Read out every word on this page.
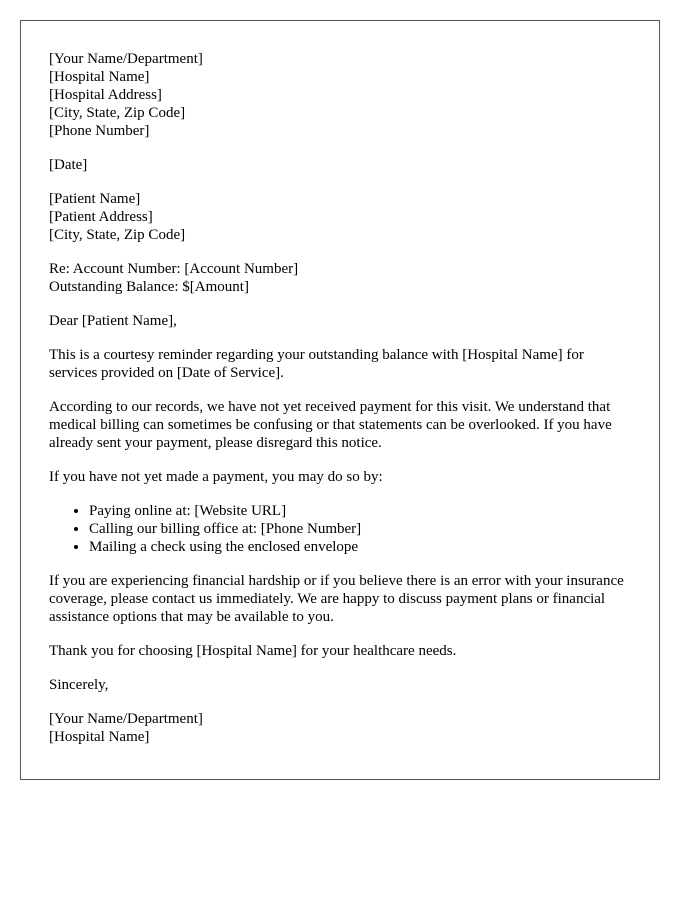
[Your Name/Department]
[Hospital Name]
[Hospital Address]
[City, State, Zip Code]
[Phone Number]
[Date]
[Patient Name]
[Patient Address]
[City, State, Zip Code]
Re: Account Number: [Account Number]
Outstanding Balance: $[Amount]

Dear [Patient Name],

This is a courtesy reminder regarding your outstanding balance with [Hospital Name] for services provided on [Date of Service].

According to our records, we have not yet received payment for this visit. We understand that medical billing can sometimes be confusing or that statements can be overlooked. If you have already sent your payment, please disregard this notice.

If you have not yet made a payment, you may do so by:

• Paying online at: [Website URL]
• Calling our billing office at: [Phone Number]
• Mailing a check using the enclosed envelope

If you are experiencing financial hardship or if you believe there is an error with your insurance coverage, please contact us immediately. We are happy to discuss payment plans or financial assistance options that may be available to you.

Thank you for choosing [Hospital Name] for your healthcare needs.

Sincerely,

[Your Name/Department]
[Hospital Name]
